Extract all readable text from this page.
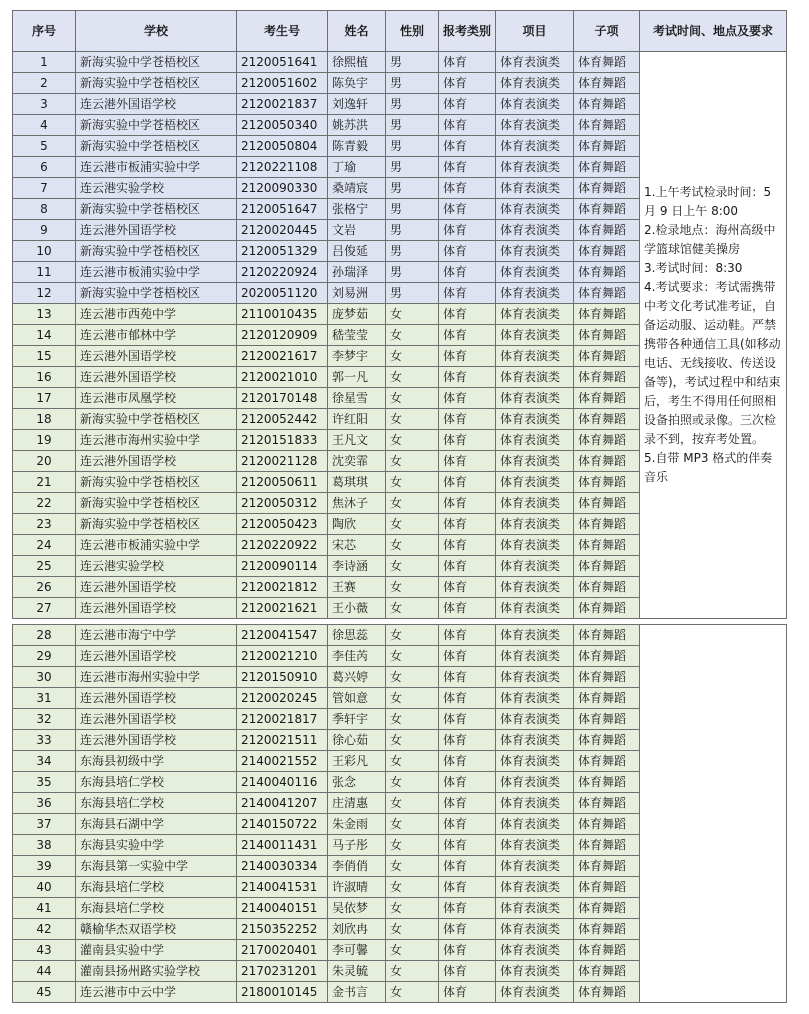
序号	学校	考生号	姓名	性别	报考类别	项目	子项	考试时间、地点及要求
1	新海实验中学苍梧校区	2120051641	徐熙植	男	体育	体育表演类	体育舞蹈	1.上午考试检录时间：5月 9 日上午 8:00

2.检录地点：海州高级中学篮球馆健美操房

3.考试时间：8:30

4.考试要求：考试需携带中考文化考试准考证，自备运动服、运动鞋。严禁携带各种通信工具(如移动电话、无线接收、传送设备等)，考试过程中和结束后，考生不得用任何照相设备拍照或录像。三次检录不到，按弃考处置。

5.自带 MP3 格式的伴奏音乐

2	新海实验中学苍梧校区	2120051602	陈奂宇	男	体育	体育表演类	体育舞蹈	
3	连云港外国语学校	2120021837	刘逸轩	男	体育	体育表演类	体育舞蹈	
4	新海实验中学苍梧校区	2120050340	姚苏洪	男	体育	体育表演类	体育舞蹈	
5	新海实验中学苍梧校区	2120050804	陈青毅	男	体育	体育表演类	体育舞蹈	
6	连云港市板浦实验中学	2120221108	丁瑜	男	体育	体育表演类	体育舞蹈	
7	连云港实验学校	2120090330	桑靖宸	男	体育	体育表演类	体育舞蹈	
8	新海实验中学苍梧校区	2120051647	张格宁	男	体育	体育表演类	体育舞蹈	
9	连云港外国语学校	2120020445	文岩	男	体育	体育表演类	体育舞蹈	
10	新海实验中学苍梧校区	2120051329	吕俊延	男	体育	体育表演类	体育舞蹈	
11	连云港市板浦实验中学	2120220924	孙瑞泽	男	体育	体育表演类	体育舞蹈	
12	新海实验中学苍梧校区	2020051120	刘易洲	男	体育	体育表演类	体育舞蹈	
13	连云港市西苑中学	2110010435	庞梦茹	女	体育	体育表演类	体育舞蹈	
14	连云港市郁林中学	2120120909	嵇莹莹	女	体育	体育表演类	体育舞蹈	
15	连云港外国语学校	2120021617	李梦宇	女	体育	体育表演类	体育舞蹈	
16	连云港外国语学校	2120021010	郭一凡	女	体育	体育表演类	体育舞蹈	
17	连云港市凤凰学校	2120170148	徐星雪	女	体育	体育表演类	体育舞蹈	
18	新海实验中学苍梧校区	2120052442	许红阳	女	体育	体育表演类	体育舞蹈	
19	连云港市海州实验中学	2120151833	王凡文	女	体育	体育表演类	体育舞蹈	
20	连云港外国语学校	2120021128	沈奕霏	女	体育	体育表演类	体育舞蹈	
21	新海实验中学苍梧校区	2120050611	葛琪琪	女	体育	体育表演类	体育舞蹈	
22	新海实验中学苍梧校区	2120050312	焦沐子	女	体育	体育表演类	体育舞蹈	
23	新海实验中学苍梧校区	2120050423	陶欣	女	体育	体育表演类	体育舞蹈	
24	连云港市板浦实验中学	2120220922	宋芯	女	体育	体育表演类	体育舞蹈	
25	连云港实验学校	2120090114	李诗涵	女	体育	体育表演类	体育舞蹈	
26	连云港外国语学校	2120021812	王赛	女	体育	体育表演类	体育舞蹈	
27	连云港外国语学校	2120021621	王小薇	女	体育	体育表演类	体育舞蹈	
28	连云港市海宁中学	2120041547	徐思蕊	女	体育	体育表演类	体育舞蹈	
29	连云港外国语学校	2120021210	李佳芮	女	体育	体育表演类	体育舞蹈	
30	连云港市海州实验中学	2120150910	葛兴婷	女	体育	体育表演类	体育舞蹈	
31	连云港外国语学校	2120020245	管如意	女	体育	体育表演类	体育舞蹈	
32	连云港外国语学校	2120021817	季轩宇	女	体育	体育表演类	体育舞蹈	
33	连云港外国语学校	2120021511	徐心茹	女	体育	体育表演类	体育舞蹈	
34	东海县初级中学	2140021552	王彩凡	女	体育	体育表演类	体育舞蹈	
35	东海县培仁学校	2140040116	张念	女	体育	体育表演类	体育舞蹈	
36	东海县培仁学校	2140041207	庄清惠	女	体育	体育表演类	体育舞蹈	
37	东海县石湖中学	2140150722	朱金雨	女	体育	体育表演类	体育舞蹈	
38	东海县实验中学	2140011431	马子彤	女	体育	体育表演类	体育舞蹈	
39	东海县第一实验中学	2140030334	李俏俏	女	体育	体育表演类	体育舞蹈	
40	东海县培仁学校	2140041531	许淑晴	女	体育	体育表演类	体育舞蹈	
41	东海县培仁学校	2140040151	吴依梦	女	体育	体育表演类	体育舞蹈	
42	赣榆华杰双语学校	2150352252	刘欣冉	女	体育	体育表演类	体育舞蹈	
43	灌南县实验中学	2170020401	李可馨	女	体育	体育表演类	体育舞蹈	
44	灌南县扬州路实验学校	2170231201	朱灵毓	女	体育	体育表演类	体育舞蹈	
45	连云港市中云中学	2180010145	金书言	女	体育	体育表演类	体育舞蹈	
